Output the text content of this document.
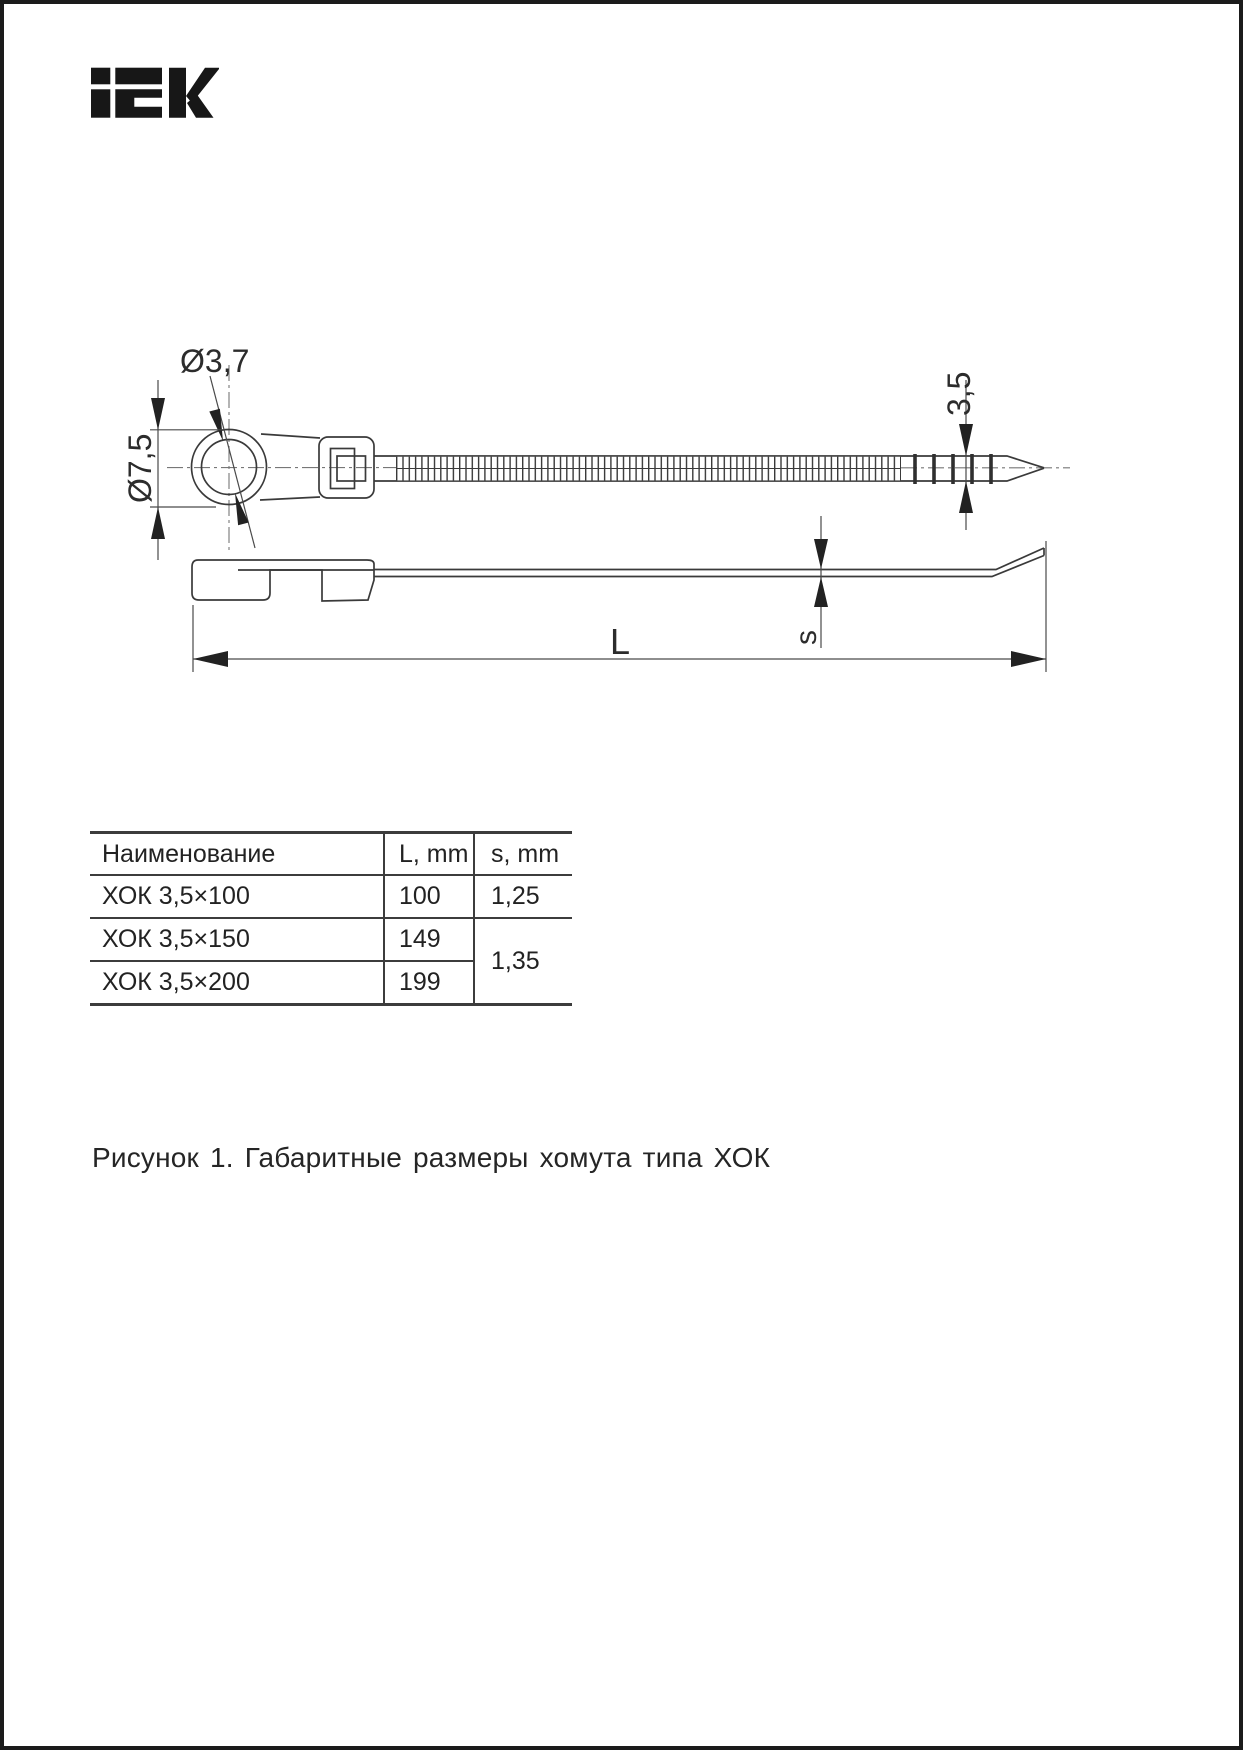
Ø3,7
Ø7,5
3,5
s
L
Наименование	L, mm	s, mm
ХОК 3,5×100	100	1,25
ХОК 3,5×150	149	1,35
ХОК 3,5×200	199	
Рисунок 1. Габаритные размеры хомута типа ХОК
